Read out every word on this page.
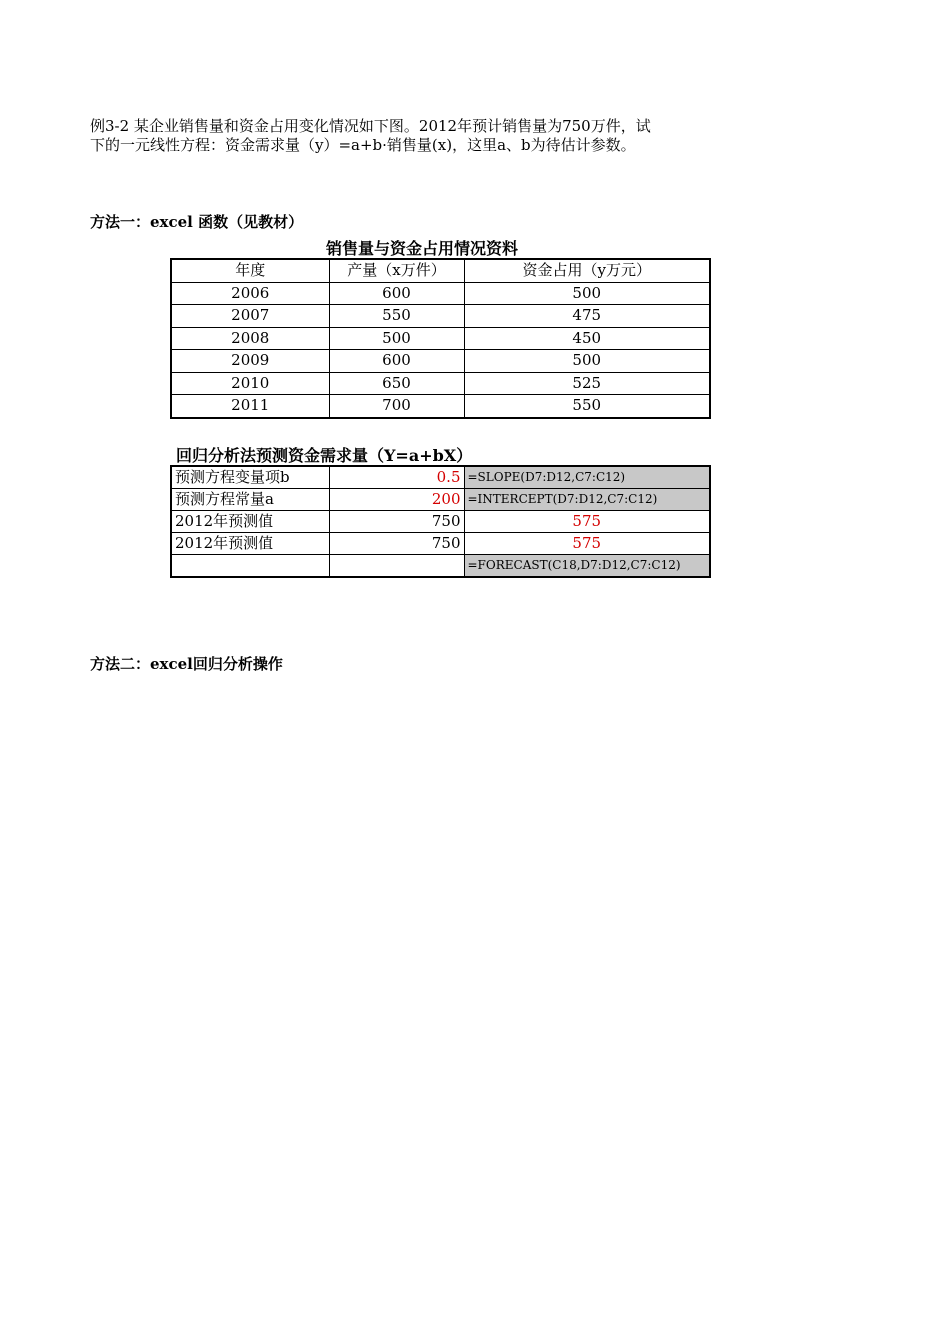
例3-2 某企业销售量和资金占用变化情况如下图。2012年预计销售量为750万件，试
下的一元线性方程：资金需求量（y）=a+b·销售量(x)，这里a、b为待估计参数。
方法一：excel 函数（见教材）
销售量与资金占用情况资料
年度	产量（x万件）	资金占用（y万元）
2006	600	500
2007	550	475
2008	500	450
2009	600	500
2010	650	525
2011	700	550
回归分析法预测资金需求量（Y=a+bX）
预测方程变量项b	0.5	=SLOPE(D7:D12,C7:C12)
预测方程常量a	200	=INTERCEPT(D7:D12,C7:C12)
2012年预测值	750	575
2012年预测值	750	575
		=FORECAST(C18,D7:D12,C7:C12)
方法二：excel回归分析操作
